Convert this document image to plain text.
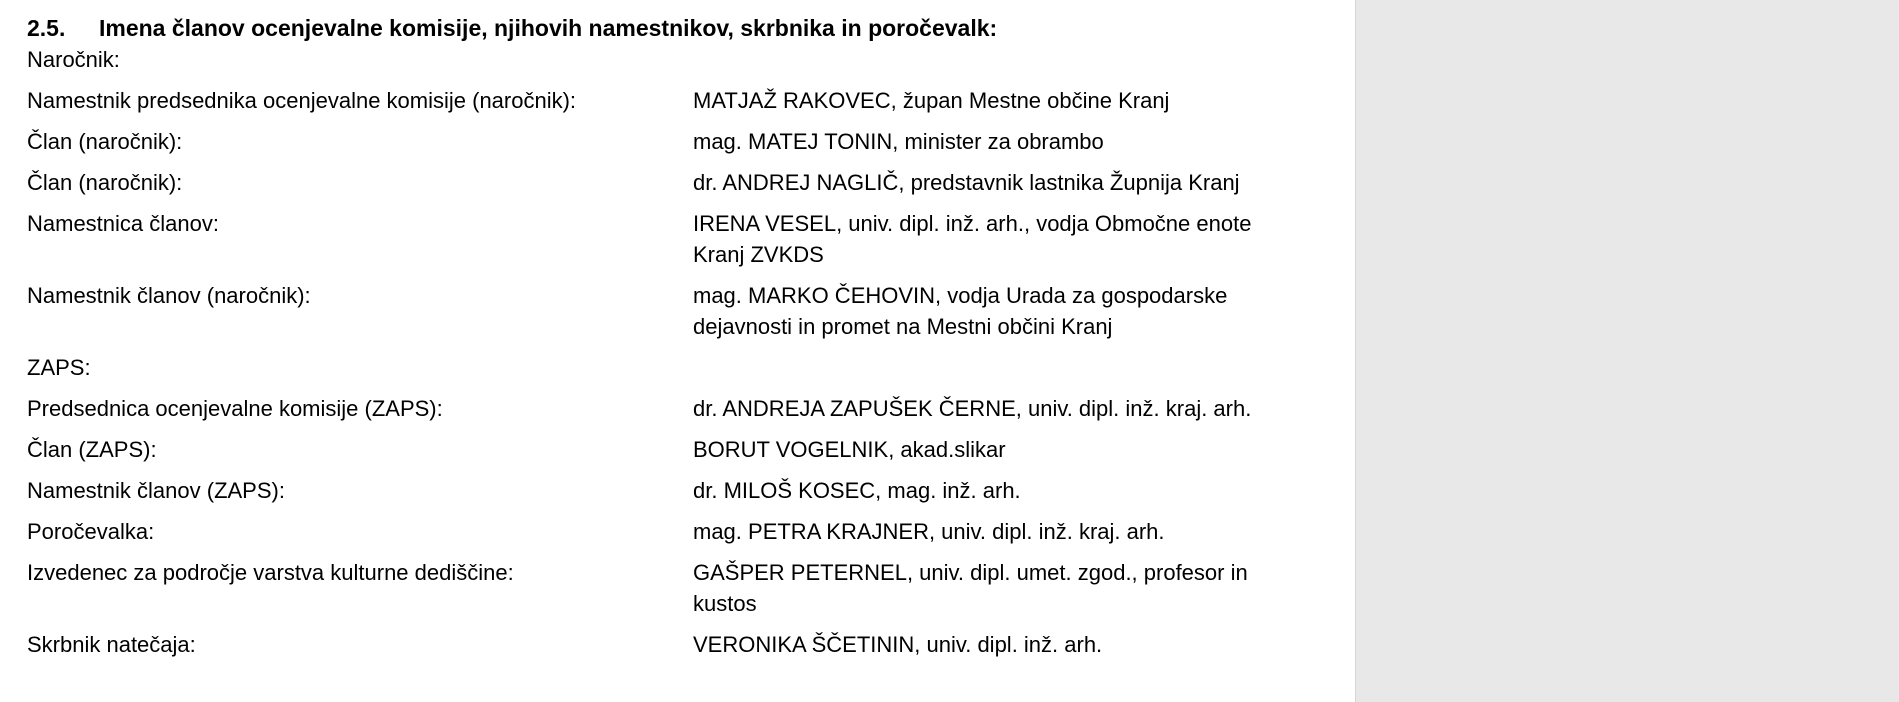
2.5. Imena članov ocenjevalne komisije, njihovih namestnikov, skrbnika in poročevalk:
Naročnik:
Namestnik predsednika ocenjevalne komisije (naročnik):	MATJAŽ RAKOVEC, župan Mestne občine Kranj
Član (naročnik):	mag. MATEJ TONIN, minister za obrambo
Član (naročnik):	dr. ANDREJ NAGLIČ, predstavnik lastnika Župnija Kranj
Namestnica članov:	IRENA VESEL, univ. dipl. inž. arh., vodja Območne enote Kranj ZVKDS
Namestnik članov (naročnik):	mag. MARKO ČEHOVIN, vodja Urada za gospodarske dejavnosti in promet na Mestni občini Kranj
ZAPS:
Predsednica ocenjevalne komisije (ZAPS):	dr. ANDREJA ZAPUŠEK ČERNE, univ. dipl. inž. kraj. arh.
Član (ZAPS):	BORUT VOGELNIK, akad.slikar
Namestnik članov (ZAPS):	dr. MILOŠ KOSEC, mag. inž. arh.
Poročevalka:	mag. PETRA KRAJNER, univ. dipl. inž. kraj. arh.
Izvedenec za področje varstva kulturne dediščine:	GAŠPER PETERNEL, univ. dipl. umet. zgod., profesor in kustos
Skrbnik natečaja:	VERONIKA ŠČETININ, univ. dipl. inž. arh.
